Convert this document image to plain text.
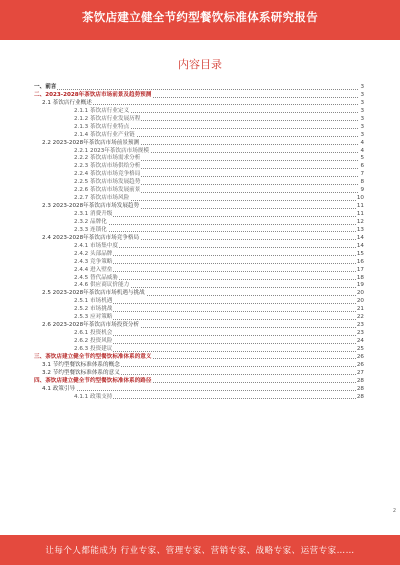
茶饮店建立健全节约型餐饮标准体系研究报告
内容目录
一、前言	3
二、2023-2028年茶饮店市场前景及趋势预测	3
2.1 茶饮店行业概述	3
2.1.1 茶饮店行业定义	3
2.1.2 茶饮店行业发展历程	3
2.1.3 茶饮店行业特点	3
2.1.4 茶饮店行业产业链	3
2.2 2023-2028年茶饮店市场前景预测	4
2.2.1 2023年茶饮店市场规模	4
2.2.2 茶饮店市场需求分析	5
2.2.3 茶饮店市场供给分析	6
2.2.4 茶饮店市场竞争格局	7
2.2.5 茶饮店市场发展趋势	8
2.2.6 茶饮店市场发展前景	9
2.2.7 茶饮店市场风险	10
2.3 2023-2028年茶饮店市场发展趋势	11
2.3.1 消费升级	11
2.3.2 品牌化	12
2.3.3 连锁化	13
2.4 2023-2028年茶饮店市场竞争格局	14
2.4.1 市场集中度	14
2.4.2 头部品牌	15
2.4.3 竞争策略	16
2.4.4 进入壁垒	17
2.4.5 替代品威胁	18
2.4.6 供应商议价能力	19
2.5 2023-2028年茶饮店市场机遇与挑战	20
2.5.1 市场机遇	20
2.5.2 市场挑战	21
2.5.3 应对策略	22
2.6 2023-2028年茶饮店市场投资分析	23
2.6.1 投资机会	23
2.6.2 投资风险	24
2.6.3 投资建议	25
三、茶饮店建立健全节约型餐饮标准体系的意义	26
3.1 节约型餐饮标准体系的概念	26
3.2 节约型餐饮标准体系的意义	27
四、茶饮店建立健全节约型餐饮标准体系的路径	28
4.1 政策引导	28
4.1.1 政策支持	28
2
让每个人都能成为 行业专家、管理专家、营销专家、战略专家、运营专家……
